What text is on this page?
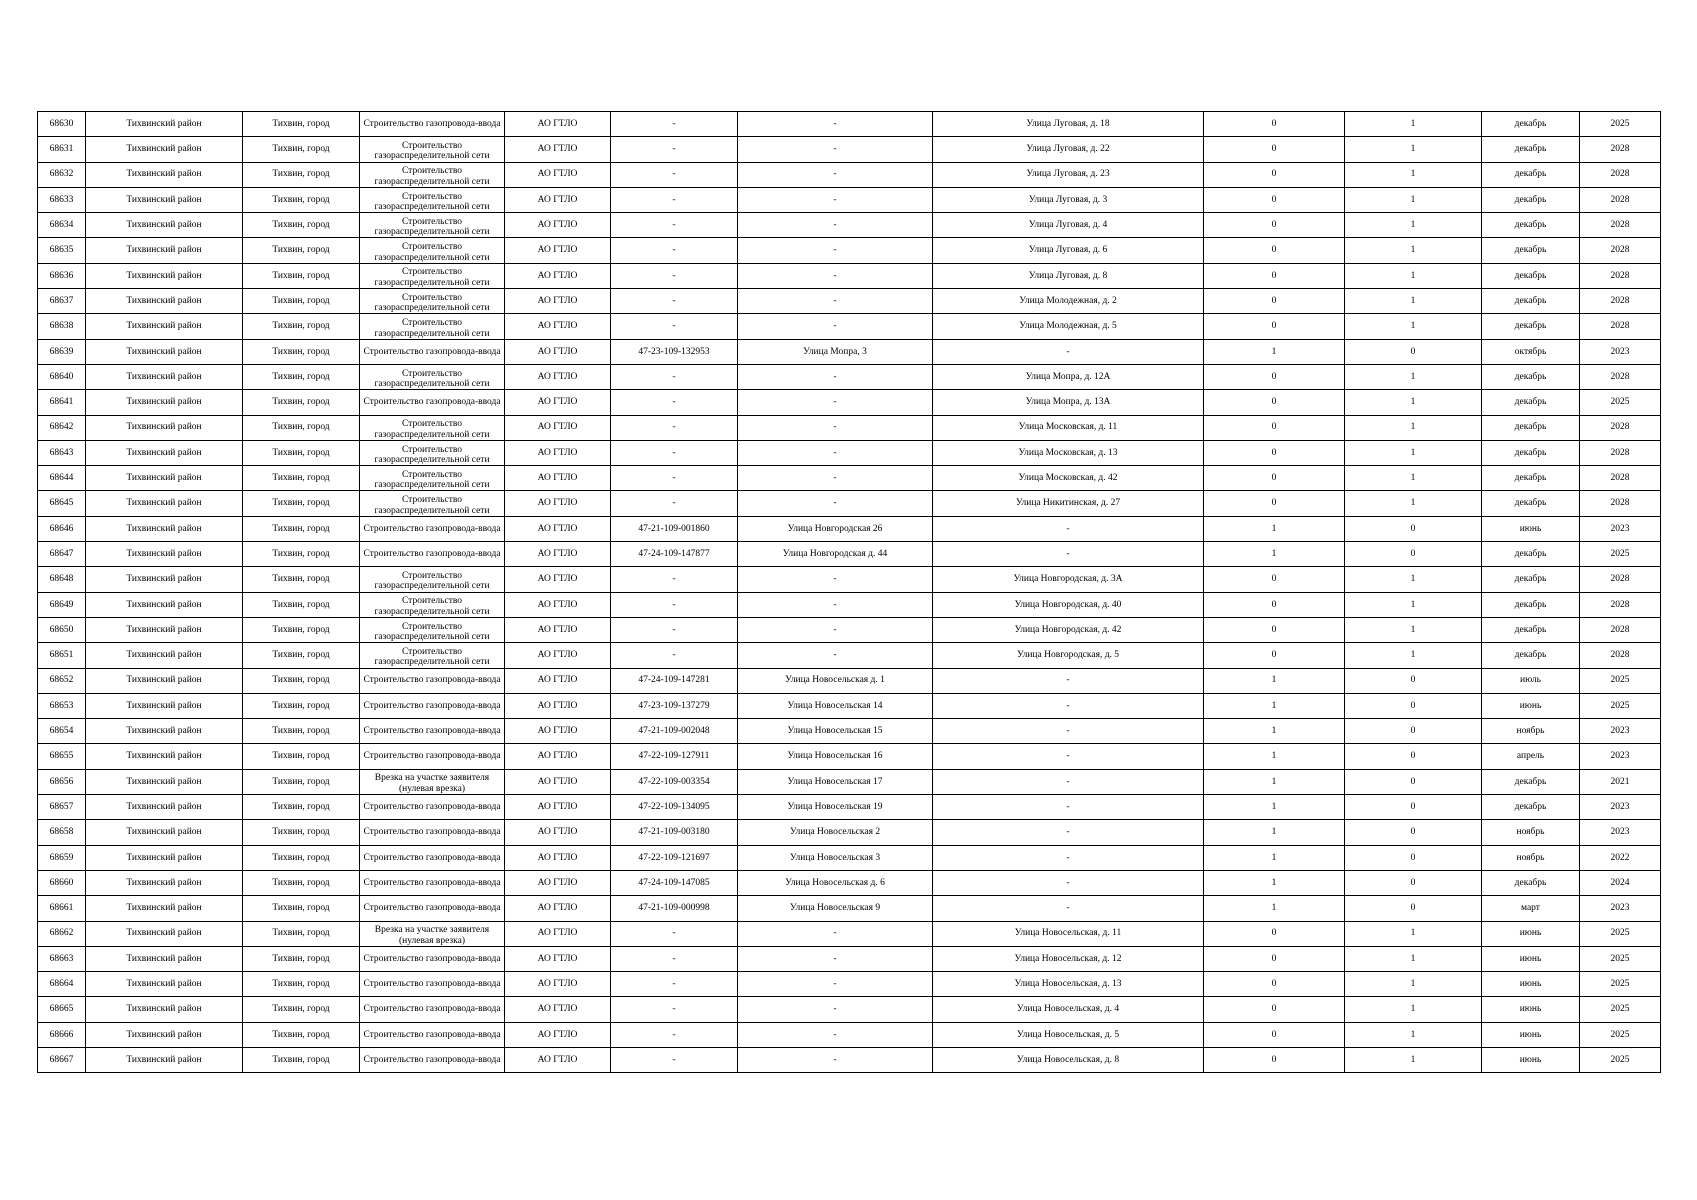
68630	Тихвинский район	Тихвин, город	Строительство газопровода-ввода	АО ГТЛО	-	-	Улица Луговая, д. 18	0	1	декабрь	2025
68631	Тихвинский район	Тихвин, город	Строительство газораспределительной сети	АО ГТЛО	-	-	Улица Луговая, д. 22	0	1	декабрь	2028
68632	Тихвинский район	Тихвин, город	Строительство газораспределительной сети	АО ГТЛО	-	-	Улица Луговая, д. 23	0	1	декабрь	2028
68633	Тихвинский район	Тихвин, город	Строительство газораспределительной сети	АО ГТЛО	-	-	Улица Луговая, д. 3	0	1	декабрь	2028
68634	Тихвинский район	Тихвин, город	Строительство газораспределительной сети	АО ГТЛО	-	-	Улица Луговая, д. 4	0	1	декабрь	2028
68635	Тихвинский район	Тихвин, город	Строительство газораспределительной сети	АО ГТЛО	-	-	Улица Луговая, д. 6	0	1	декабрь	2028
68636	Тихвинский район	Тихвин, город	Строительство газораспределительной сети	АО ГТЛО	-	-	Улица Луговая, д. 8	0	1	декабрь	2028
68637	Тихвинский район	Тихвин, город	Строительство газораспределительной сети	АО ГТЛО	-	-	Улица Молодежная, д. 2	0	1	декабрь	2028
68638	Тихвинский район	Тихвин, город	Строительство газораспределительной сети	АО ГТЛО	-	-	Улица Молодежная, д. 5	0	1	декабрь	2028
68639	Тихвинский район	Тихвин, город	Строительство газопровода-ввода	АО ГТЛО	47-23-109-132953	Улица Мопра, 3	-	1	0	октябрь	2023
68640	Тихвинский район	Тихвин, город	Строительство газораспределительной сети	АО ГТЛО	-	-	Улица Мопра, д. 12А	0	1	декабрь	2028
68641	Тихвинский район	Тихвин, город	Строительство газопровода-ввода	АО ГТЛО	-	-	Улица Мопра, д. 13А	0	1	декабрь	2025
68642	Тихвинский район	Тихвин, город	Строительство газораспределительной сети	АО ГТЛО	-	-	Улица Московская, д. 11	0	1	декабрь	2028
68643	Тихвинский район	Тихвин, город	Строительство газораспределительной сети	АО ГТЛО	-	-	Улица Московская, д. 13	0	1	декабрь	2028
68644	Тихвинский район	Тихвин, город	Строительство газораспределительной сети	АО ГТЛО	-	-	Улица Московская, д. 42	0	1	декабрь	2028
68645	Тихвинский район	Тихвин, город	Строительство газораспределительной сети	АО ГТЛО	-	-	Улица Никитинская, д. 27	0	1	декабрь	2028
68646	Тихвинский район	Тихвин, город	Строительство газопровода-ввода	АО ГТЛО	47-21-109-001860	Улица Новгородская 26	-	1	0	июнь	2023
68647	Тихвинский район	Тихвин, город	Строительство газопровода-ввода	АО ГТЛО	47-24-109-147877	Улица Новгородская д. 44	-	1	0	декабрь	2025
68648	Тихвинский район	Тихвин, город	Строительство газораспределительной сети	АО ГТЛО	-	-	Улица Новгородская, д. 3А	0	1	декабрь	2028
68649	Тихвинский район	Тихвин, город	Строительство газораспределительной сети	АО ГТЛО	-	-	Улица Новгородская, д. 40	0	1	декабрь	2028
68650	Тихвинский район	Тихвин, город	Строительство газораспределительной сети	АО ГТЛО	-	-	Улица Новгородская, д. 42	0	1	декабрь	2028
68651	Тихвинский район	Тихвин, город	Строительство газораспределительной сети	АО ГТЛО	-	-	Улица Новгородская, д. 5	0	1	декабрь	2028
68652	Тихвинский район	Тихвин, город	Строительство газопровода-ввода	АО ГТЛО	47-24-109-147281	Улица Новосельская д. 1	-	1	0	июль	2025
68653	Тихвинский район	Тихвин, город	Строительство газопровода-ввода	АО ГТЛО	47-23-109-137279	Улица Новосельская 14	-	1	0	июнь	2025
68654	Тихвинский район	Тихвин, город	Строительство газопровода-ввода	АО ГТЛО	47-21-109-002048	Улица Новосельская 15	-	1	0	ноябрь	2023
68655	Тихвинский район	Тихвин, город	Строительство газопровода-ввода	АО ГТЛО	47-22-109-127911	Улица Новосельская 16	-	1	0	апрель	2023
68656	Тихвинский район	Тихвин, город	Врезка на участке заявителя (нулевая врезка)	АО ГТЛО	47-22-109-003354	Улица Новосельская 17	-	1	0	декабрь	2021
68657	Тихвинский район	Тихвин, город	Строительство газопровода-ввода	АО ГТЛО	47-22-109-134095	Улица Новосельская 19	-	1	0	декабрь	2023
68658	Тихвинский район	Тихвин, город	Строительство газопровода-ввода	АО ГТЛО	47-21-109-003180	Улица Новосельская 2	-	1	0	ноябрь	2023
68659	Тихвинский район	Тихвин, город	Строительство газопровода-ввода	АО ГТЛО	47-22-109-121697	Улица Новосельская 3	-	1	0	ноябрь	2022
68660	Тихвинский район	Тихвин, город	Строительство газопровода-ввода	АО ГТЛО	47-24-109-147085	Улица Новосельская д. 6	-	1	0	декабрь	2024
68661	Тихвинский район	Тихвин, город	Строительство газопровода-ввода	АО ГТЛО	47-21-109-000998	Улица Новосельская 9	-	1	0	март	2023
68662	Тихвинский район	Тихвин, город	Врезка на участке заявителя (нулевая врезка)	АО ГТЛО	-	-	Улица Новосельская, д. 11	0	1	июнь	2025
68663	Тихвинский район	Тихвин, город	Строительство газопровода-ввода	АО ГТЛО	-	-	Улица Новосельская, д. 12	0	1	июнь	2025
68664	Тихвинский район	Тихвин, город	Строительство газопровода-ввода	АО ГТЛО	-	-	Улица Новосельская, д. 13	0	1	июнь	2025
68665	Тихвинский район	Тихвин, город	Строительство газопровода-ввода	АО ГТЛО	-	-	Улица Новосельская, д. 4	0	1	июнь	2025
68666	Тихвинский район	Тихвин, город	Строительство газопровода-ввода	АО ГТЛО	-	-	Улица Новосельская, д. 5	0	1	июнь	2025
68667	Тихвинский район	Тихвин, город	Строительство газопровода-ввода	АО ГТЛО	-	-	Улица Новосельская, д. 8	0	1	июнь	2025
